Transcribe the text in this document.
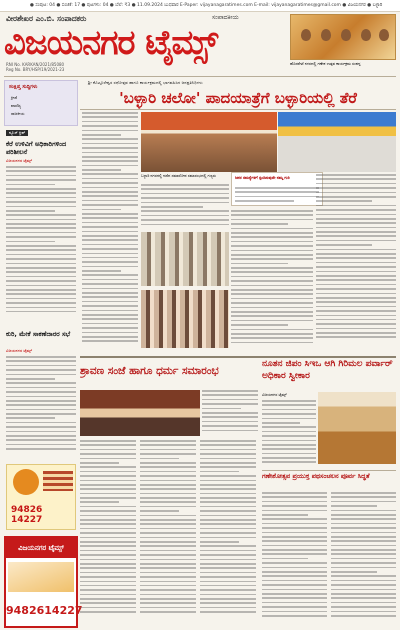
● ಸಂಪುಟ: 04 ● ಸಂಚಿಕೆ: 17 ● ಪುಟಗಳು: 04 ● ಬೆಲೆ: ₹3 ● 11.09.2024 ಬುಧವಾರ E-Paper: vijayanagaratimes.com E-mail: vijayanagaratimes@gmail.com ● ವಿಜಯನಗರ ● ಬಳ್ಳಾರಿ
ವೀರಶೇಖರ ಎಂ.ಬಿ. ಸಂಪಾದಕರು	ಸಂಪಾದಕೀಯ
ವಿಜಯನಗರ ಟೈಮ್ಸ್
RNI No. KARKAN/2021/85080
Reg No. BRY/HSP/19/2021-23
ಹೊಸಪೇಟೆ ನಗರದಲ್ಲಿ ಗಣೇಶ ಉತ್ಸವ ಕಾರ್ಯಕ್ರಮ ಸಂಪನ್ನ
ಸಂಕ್ಷಿಪ್ತ ಸುದ್ದಿಗಳು
ಕ್ರೀಡೆ
ವಾಣಿಜ್ಯ
ರಾಜಕೀಯ
ನ್ಯೂಸ್ ಕ್ಲಿಪ್
ಕೆರೆ ಉಳಿವಿಗೆ ಅಧಿಕಾರಿಗಳಿಂದ ಪರಿಶೀಲನೆ
ವಿಜಯನಗರ ಟೈಮ್ಸ್
ಕುರಿ, ಮೇಕೆ ಸಾಕಣೆದಾರರ ಸಭೆ
ವಿಜಯನಗರ ಟೈಮ್ಸ್
94826 14227
ವಿಜಯನಗರ ಟೈಮ್ಸ್
9482614227
ಶ್ರೀ ಕೊಟ್ಟೂರೇಶ್ವರ ರಥೋತ್ಸವ ಹಾಗೂ ಕಾರ್ಯಕ್ರಮದಲ್ಲಿ ಭಾಗವಹಿಸಿದ ಜನಪ್ರತಿನಿಧಿಗಳು
'ಬಳ್ಳಾರಿ ಚಲೋ' ಪಾದಯಾತ್ರೆಗೆ ಬಳ್ಳಾರಿಯಲ್ಲಿ ತೆರೆ
ಬಳ್ಳಾರಿ ನಗರದಲ್ಲಿ ನಡೆದ ಸಮಾರೋಪ ಸಮಾರಂಭದಲ್ಲಿ ಗಣ್ಯರು	ಜನರ ಸಮಸ್ಯೆಗಳಿಗೆ ಸ್ಪಂದಿಸುವುದೇ ನಮ್ಮ ಗುರಿ
ಶ್ರಾವಣ ಸಂಜೆ ಹಾಗೂ ಧರ್ಮ ಸಮಾರಂಭ
ನೂತನ ಜಿಪಂ ಸಿಇಒ ಆಗಿ ಗಿರಿಮಲ ಪರ್ವಾರ್ ಅಧಿಕಾರ ಸ್ವೀಕಾರ
ವಿಜಯನಗರ ಟೈಮ್ಸ್
ಗಣೇಶೋತ್ಸವ ಪ್ರಯುಕ್ತ ಪಥಸಂಚಲನ ಪೂರ್ವ ಸಿದ್ಧತೆ
